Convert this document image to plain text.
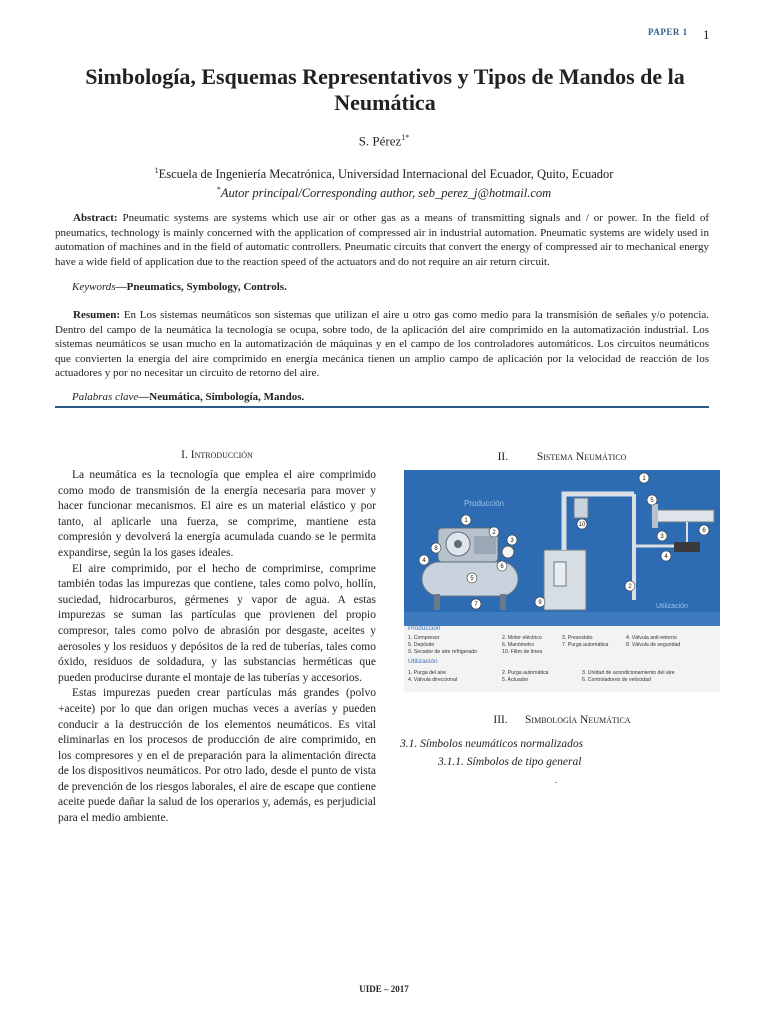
PAPER 1 1
Simbología, Esquemas Representativos y Tipos de Mandos de la Neumática
S. Pérez$^{1*}$
$^1$Escuela de Ingeniería Mecatrónica, Universidad Internacional del Ecuador, Quito, Ecuador
*Autor principal/Corresponding author, seb_perez_j@hotmail.com
Abstract: Pneumatic systems are systems which use air or other gas as a means of transmitting signals and / or power. In the field of pneumatics, technology is mainly concerned with the application of compressed air in industrial automation. Pneumatic systems are widely used in automation of machines and in the field of automatic controllers. Pneumatic circuits that convert the energy of compressed air to mechanical energy have a wide field of application due to the reaction speed of the actuators and do not require an air return circuit.
Keywords—Pneumatics, Symbology, Controls.
Resumen: En Los sistemas neumáticos son sistemas que utilizan el aire u otro gas como medio para la transmisión de señales y/o potencia. Dentro del campo de la neumática la tecnología se ocupa, sobre todo, de la aplicación del aire comprimido en la automatización industrial. Los sistemas neumáticos se usan mucho en la automatización de máquinas y en el campo de los controladores automáticos. Los circuitos neumáticos que convierten la energía del aire comprimido en energía mecánica tienen un amplio campo de aplicación por la velocidad de reacción de los actuadores y por no necesitar un circuito de retorno del aire.
Palabras clave—Neumática, Simbología, Mandos.
I. Introducción

La neumática es la tecnología que emplea el aire comprimido como modo de transmisión de la energía necesaria para mover y hacer funcionar mecanismos. El aire es un material elástico y por tanto, al aplicarle una fuerza, se comprime, mantiene esta compresión y devolverá la energía acumulada cuando se le permita expandirse, según la los gases ideales.

El aire comprimido, por el hecho de comprimirse, comprime también todas las impurezas que contiene, tales como polvo, hollín, suciedad, hidrocarburos, gérmenes y vapor de agua. A estas impurezas se suman las partículas que provienen del propio compresor, tales como polvo de abrasión por desgaste, aceites y aerosoles y los residuos y depósitos de la red de tuberías, tales como óxido, residuos de soldadura, y las substancias herméticas que pueden producirse durante el montaje de las tuberías y accesorios.

Estas impurezas pueden crear partículas más grandes (polvo +aceite) por lo que dan origen muchas veces a averías y pueden conducir a la destrucción de los elementos neumáticos. Es vital eliminarlas en los procesos de producción de aire comprimido, en los compresores y en el de preparación para la alimentación directa de los dispositivos neumáticos. Por otro lado, desde el punto de vista de prevención de los riesgos laborales, el aire de escape que contiene aceite puede dañar la salud de los operarios y, además, es perjudicial para el medio ambiente.

II.	Sistema Neumático
1
2
3
4
5
6
7
8
9
10
1
2
3
4
5
6
Producción
Utilización
Producción
1. Compresor	2. Motor eléctrico	3. Presostato	4. Válvula anti-retorno
5. Depósito	6. Manómetro	7. Purga automática	8. Válvula de seguridad
9. Secador de aire refrigerado	10. Filtro de línea
Utilización
1. Purga del aire	2. Purga automática	3. Unidad de acondicionamiento del aire
4. Válvula direccional	5. Actuador	6. Controladores de velocidad
III. Simbología Neumática
3.1. Símbolos neumáticos normalizados
3.1.1. Símbolos de tipo general
.
UIDE – 2017
